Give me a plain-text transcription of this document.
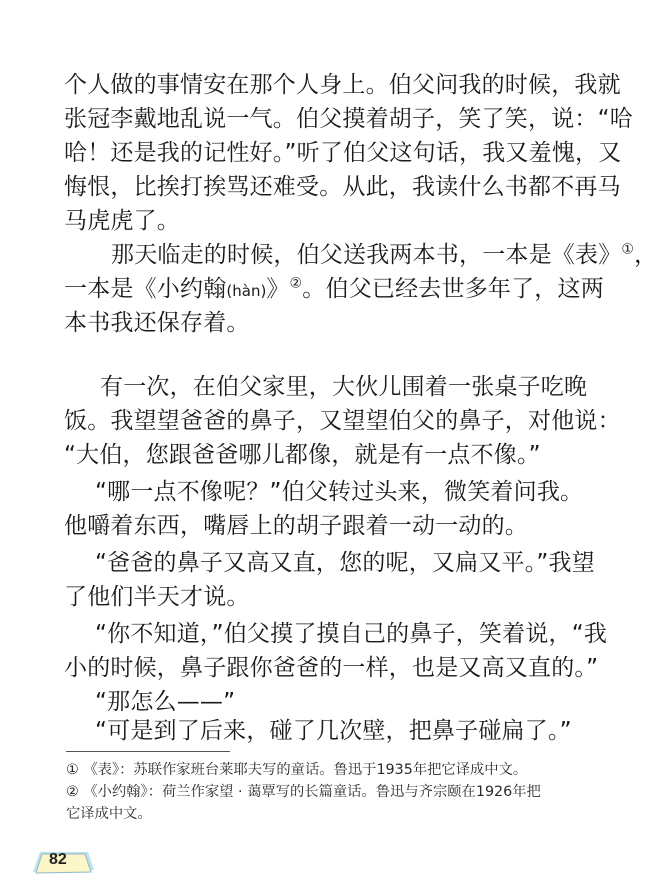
个人做的事情安在那个人身上。伯父问我的时候，我就
张冠李戴地乱说一气。伯父摸着胡子，笑了笑，说：“哈
哈！还是我的记性好。”听了伯父这句话，我又羞愧，又
悔恨，比挨打挨骂还难受。从此，我读什么书都不再马
马虎虎了。
那天临走的时候，伯父送我两本书，一本是《表》①，
一本是《小约翰(hàn)》②。伯父已经去世多年了，这两
本书我还保存着。
有一次，在伯父家里，大伙儿围着一张桌子吃晚
饭。我望望爸爸的鼻子，又望望伯父的鼻子，对他说：
“大伯，您跟爸爸哪儿都像，就是有一点不像。”
“哪一点不像呢？”伯父转过头来，微笑着问我。
他嚼着东西，嘴唇上的胡子跟着一动一动的。
“爸爸的鼻子又高又直，您的呢，又扁又平。”我望
了他们半天才说。
“你不知道，”伯父摸了摸自己的鼻子，笑着说，“我
小的时候，鼻子跟你爸爸的一样，也是又高又直的。”
“那怎么——”
“可是到了后来，碰了几次壁，把鼻子碰扁了。”
① 《表》：苏联作家班台莱耶夫写的童话。鲁迅于1935年把它译成中文。
② 《小约翰》：荷兰作家望 · 蔼覃写的长篇童话。鲁迅与齐宗颐在1926年把
它译成中文。
82
